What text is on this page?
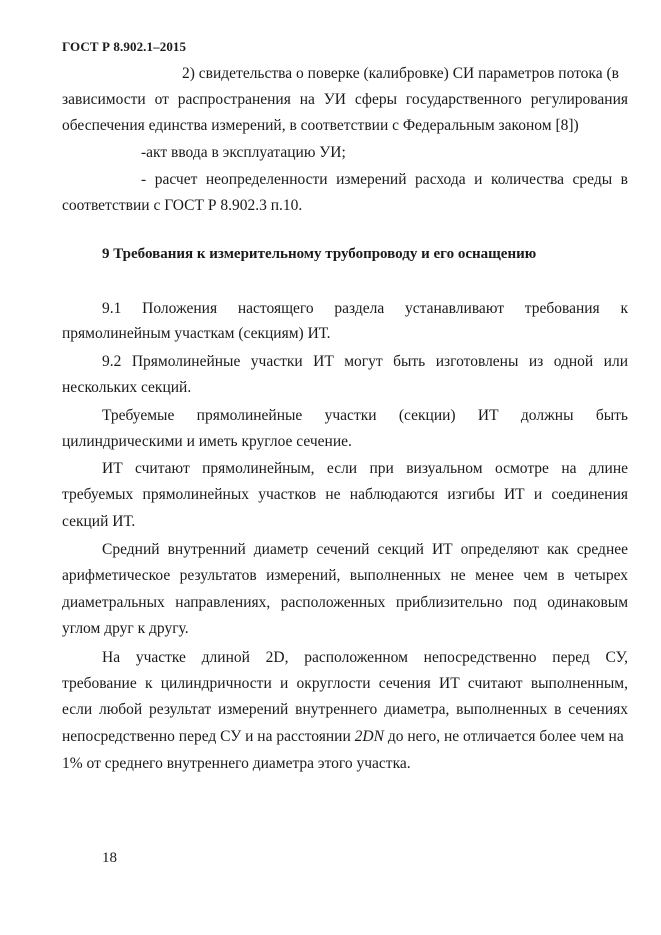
ГОСТ Р 8.902.1–2015
2) свидетельства о поверке (калибровке) СИ параметров потока (в
зависимости от распространения на УИ сферы государственного регулирования
обеспечения единства измерений, в соответствии с Федеральным законом [8])
-акт ввода в эксплуатацию УИ;
- расчет неопределенности измерений расхода и количества среды в
соответствии с ГОСТ Р 8.902.3 п.10.
9 Требования к измерительному трубопроводу и его оснащению
9.1 Положения настоящего раздела устанавливают требования к
прямолинейным участкам (секциям) ИТ.
9.2 Прямолинейные участки ИТ могут быть изготовлены из одной или
нескольких секций.
Требуемые прямолинейные участки (секции) ИТ должны быть
цилиндрическими и иметь круглое сечение.
ИТ считают прямолинейным, если при визуальном осмотре на длине
требуемых прямолинейных участков не наблюдаются изгибы ИТ и соединения
секций ИТ.
Средний внутренний диаметр сечений секций ИТ определяют как среднее
арифметическое результатов измерений, выполненных не менее чем в четырех
диаметральных направлениях, расположенных приблизительно под одинаковым
углом друг к другу.
На участке длиной 2D, расположенном непосредственно перед СУ,
требование к цилиндричности и округлости сечения ИТ считают выполненным,
если любой результат измерений внутреннего диаметра, выполненных в сечениях
непосредственно перед СУ и на расстоянии 2DN до него, не отличается более чем на
1% от среднего внутреннего диаметра этого участка.
18
